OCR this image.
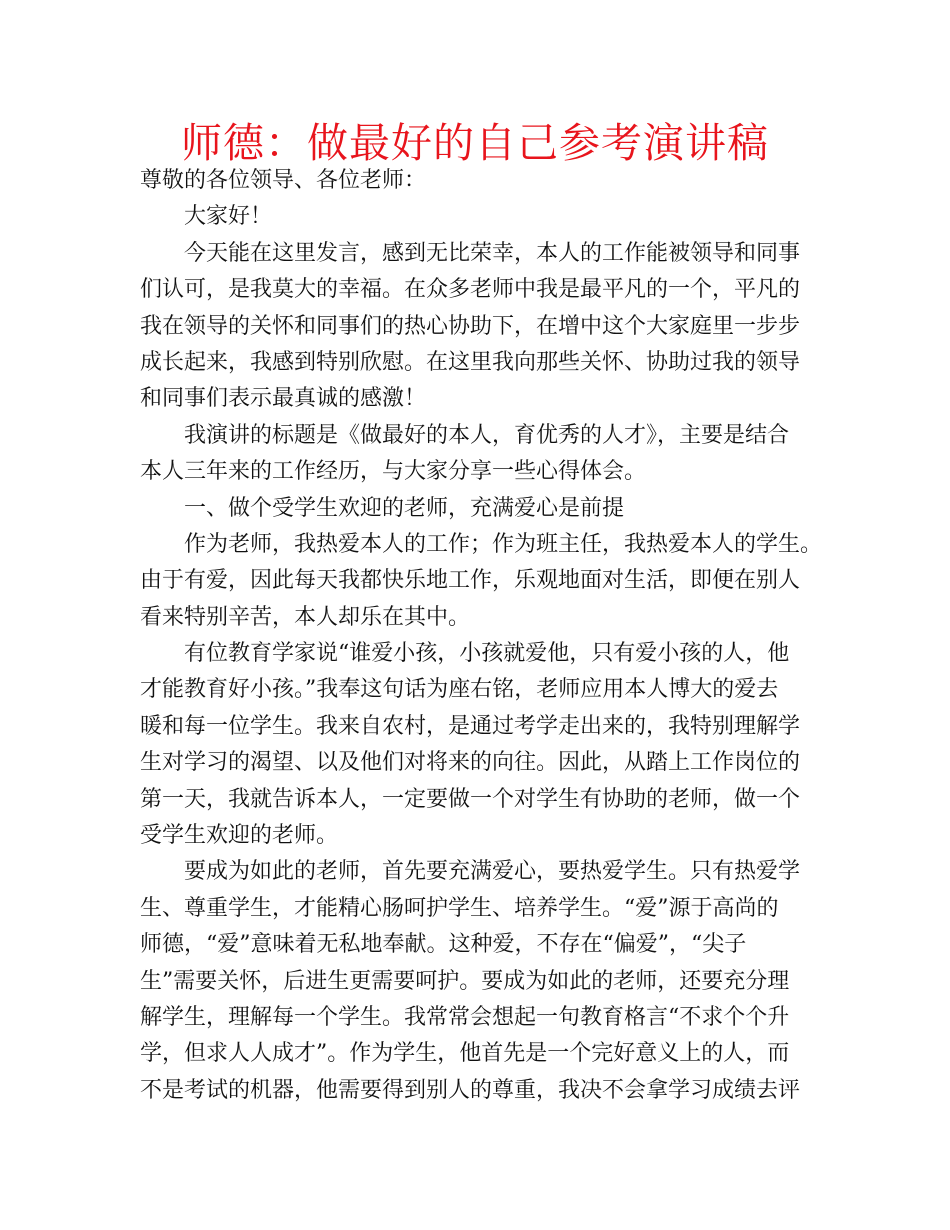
师德：做最好的自己参考演讲稿
尊敬的各位领导、各位老师：
大家好！
今天能在这里发言，感到无比荣幸，本人的工作能被领导和同事
们认可，是我莫大的幸福。在众多老师中我是最平凡的一个，平凡的
我在领导的关怀和同事们的热心协助下，在增中这个大家庭里一步步
成长起来，我感到特别欣慰。在这里我向那些关怀、协助过我的领导
和同事们表示最真诚的感激！
我演讲的标题是《做最好的本人，育优秀的人才》，主要是结合
本人三年来的工作经历，与大家分享一些心得体会。
一、做个受学生欢迎的老师，充满爱心是前提
作为老师，我热爱本人的工作；作为班主任，我热爱本人的学生。
由于有爱，因此每天我都快乐地工作，乐观地面对生活，即便在别人
看来特别辛苦，本人却乐在其中。
有位教育学家说“谁爱小孩，小孩就爱他，只有爱小孩的人，他
才能教育好小孩。”我奉这句话为座右铭，老师应用本人博大的爱去
暖和每一位学生。我来自农村，是通过考学走出来的，我特别理解学
生对学习的渴望、以及他们对将来的向往。因此，从踏上工作岗位的
第一天，我就告诉本人，一定要做一个对学生有协助的老师，做一个
受学生欢迎的老师。
要成为如此的老师，首先要充满爱心，要热爱学生。只有热爱学
生、尊重学生，才能精心肠呵护学生、培养学生。“爱”源于高尚的
师德，“爱”意味着无私地奉献。这种爱，不存在“偏爱”，“尖子
生”需要关怀，后进生更需要呵护。要成为如此的老师，还要充分理
解学生，理解每一个学生。我常常会想起一句教育格言“不求个个升
学，但求人人成才”。作为学生，他首先是一个完好意义上的人，而
不是考试的机器，他需要得到别人的尊重，我决不会拿学习成绩去评
